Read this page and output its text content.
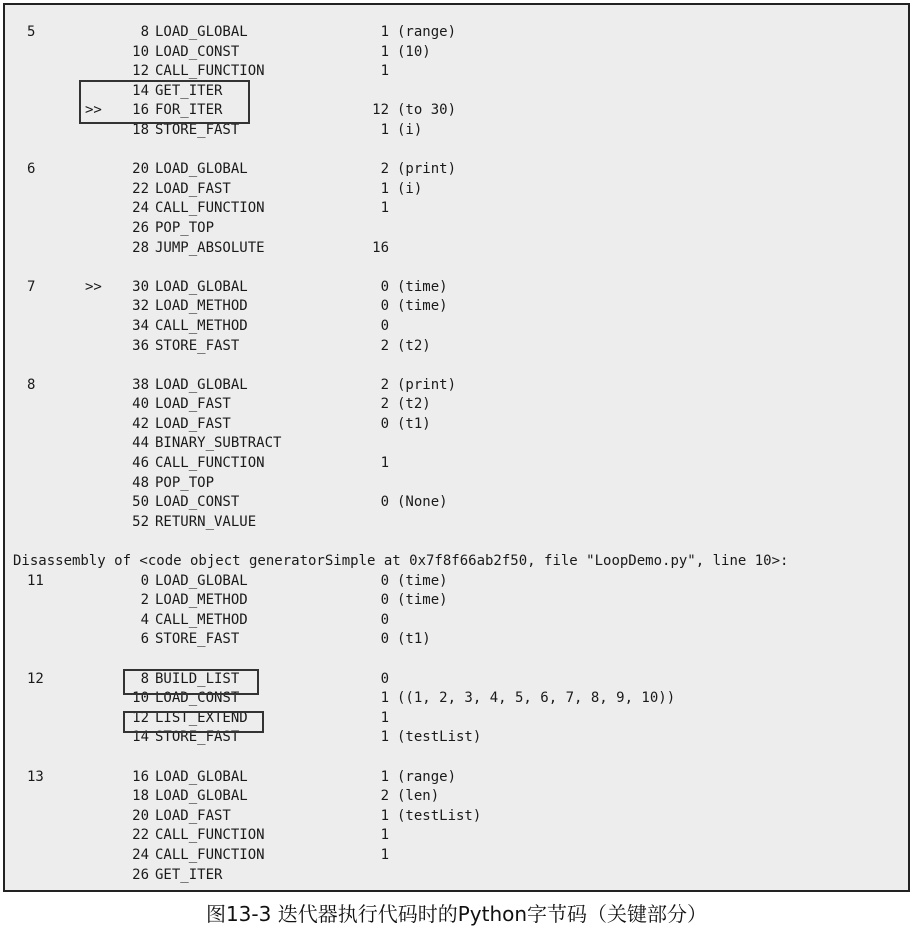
5	8 LOAD_GLOBAL	1 (range)
10 LOAD_CONST	1 (10)
12 CALL_FUNCTION	1
14 GET_ITER
>>	16 FOR_ITER	12 (to 30)
18 STORE_FAST	1 (i)
6	20 LOAD_GLOBAL	2 (print)
22 LOAD_FAST	1 (i)
24 CALL_FUNCTION	1
26 POP_TOP
28 JUMP_ABSOLUTE	16
7	>>	30 LOAD_GLOBAL	0 (time)
32 LOAD_METHOD	0 (time)
34 CALL_METHOD	0
36 STORE_FAST	2 (t2)
8	38 LOAD_GLOBAL	2 (print)
40 LOAD_FAST	2 (t2)
42 LOAD_FAST	0 (t1)
44 BINARY_SUBTRACT
46 CALL_FUNCTION	1
48 POP_TOP
50 LOAD_CONST	0 (None)
52 RETURN_VALUE
Disassembly of <code object generatorSimple at 0x7f8f66ab2f50, file "LoopDemo.py", line 10>:
11	0 LOAD_GLOBAL	0 (time)
2 LOAD_METHOD	0 (time)
4 CALL_METHOD	0
6 STORE_FAST	0 (t1)
12	8 BUILD_LIST	0
10 LOAD_CONST	1 ((1, 2, 3, 4, 5, 6, 7, 8, 9, 10))
12 LIST_EXTEND	1
14 STORE_FAST	1 (testList)
13	16 LOAD_GLOBAL	1 (range)
18 LOAD_GLOBAL	2 (len)
20 LOAD_FAST	1 (testList)
22 CALL_FUNCTION	1
24 CALL_FUNCTION	1
26 GET_ITER
图13-3 迭代器执行代码时的Python字节码（关键部分）
